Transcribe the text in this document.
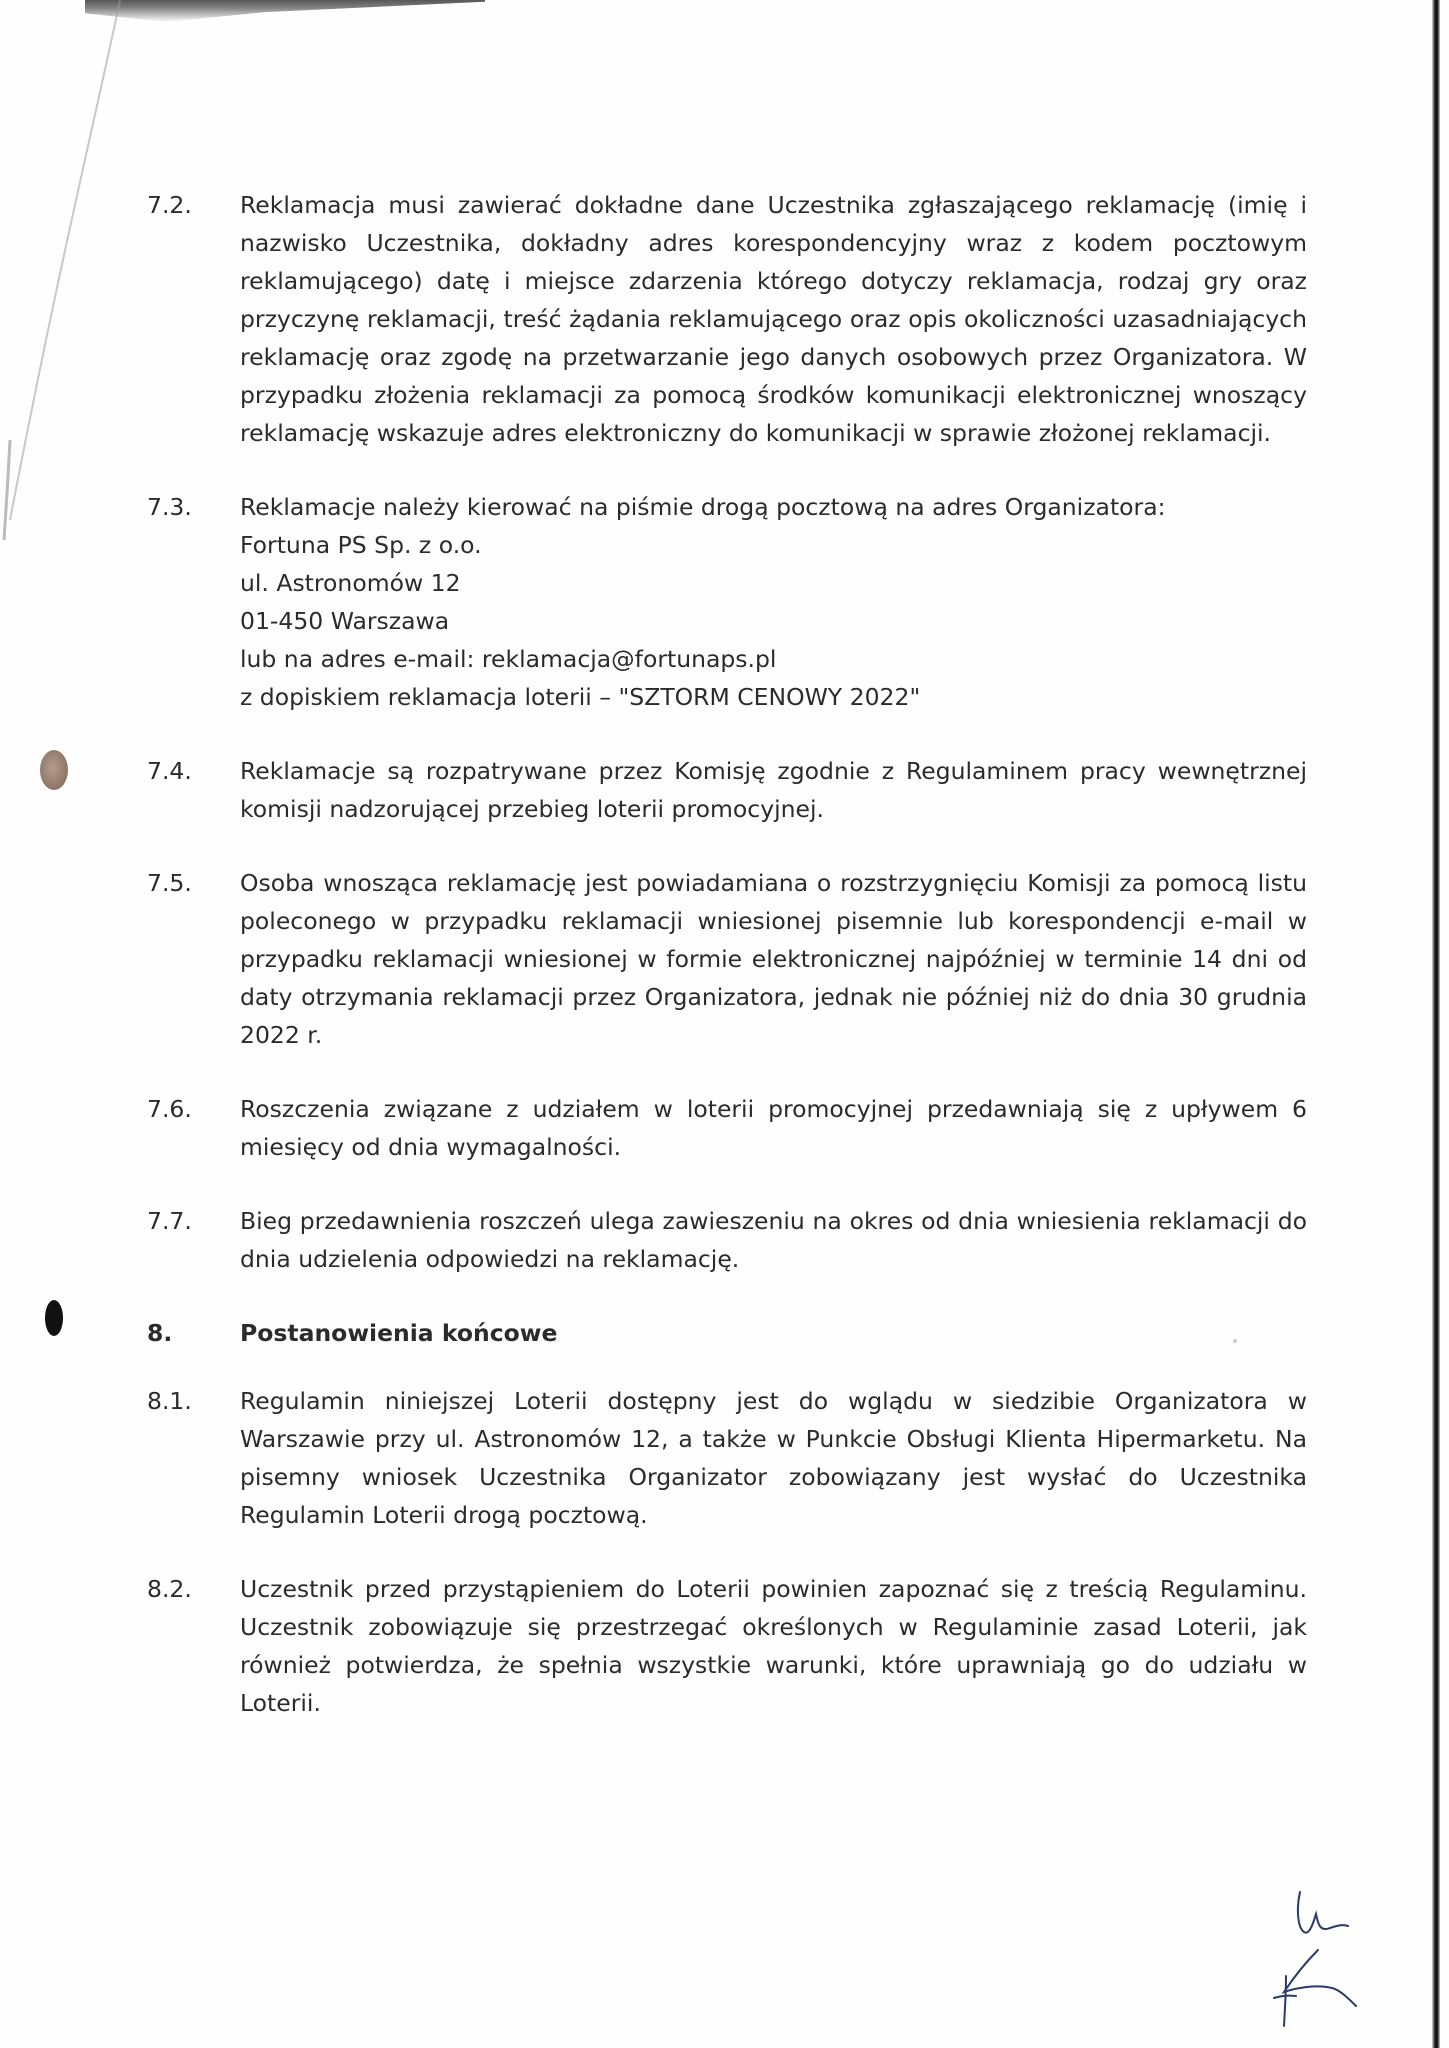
7.2.	Reklamacja musi zawierać dokładne dane Uczestnika zgłaszającego reklamację (imię i nazwisko Uczestnika, dokładny adres korespondencyjny wraz z kodem pocztowym reklamującego) datę i miejsce zdarzenia którego dotyczy reklamacja, rodzaj gry oraz przyczynę reklamacji, treść żądania reklamującego oraz opis okoliczności uzasadniających reklamację oraz zgodę na przetwarzanie jego danych osobowych przez Organizatora. W przypadku złożenia reklamacji za pomocą środków komunikacji elektronicznej wnoszący reklamację wskazuje adres elektroniczny do komunikacji w sprawie złożonej reklamacji.
7.3.	Reklamacje należy kierować na piśmie drogą pocztową na adres Organizatora:
Fortuna PS Sp. z o.o.
ul. Astronomów 12
01-450 Warszawa
lub na adres e-mail: reklamacja@fortunaps.pl
z dopiskiem reklamacja loterii – "SZTORM CENOWY 2022"
7.4.	Reklamacje są rozpatrywane przez Komisję zgodnie z Regulaminem pracy wewnętrznej komisji nadzorującej przebieg loterii promocyjnej.
7.5.	Osoba wnosząca reklamację jest powiadamiana o rozstrzygnięciu Komisji za pomocą listu poleconego w przypadku reklamacji wniesionej pisemnie lub korespondencji e-mail w przypadku reklamacji wniesionej w formie elektronicznej najpóźniej w terminie 14 dni od daty otrzymania reklamacji przez Organizatora, jednak nie później niż do dnia 30 grudnia 2022 r.
7.6.	Roszczenia związane z udziałem w loterii promocyjnej przedawniają się z upływem 6 miesięcy od dnia wymagalności.
7.7.	Bieg przedawnienia roszczeń ulega zawieszeniu na okres od dnia wniesienia reklamacji do dnia udzielenia odpowiedzi na reklamację.
8.	Postanowienia końcowe
8.1.	Regulamin niniejszej Loterii dostępny jest do wglądu w siedzibie Organizatora w Warszawie przy ul. Astronomów 12, a także w Punkcie Obsługi Klienta Hipermarketu. Na pisemny wniosek Uczestnika Organizator zobowiązany jest wysłać do Uczestnika Regulamin Loterii drogą pocztową.
8.2.	Uczestnik przed przystąpieniem do Loterii powinien zapoznać się z treścią Regulaminu. Uczestnik zobowiązuje się przestrzegać określonych w Regulaminie zasad Loterii, jak również potwierdza, że spełnia wszystkie warunki, które uprawniają go do udziału w Loterii.
